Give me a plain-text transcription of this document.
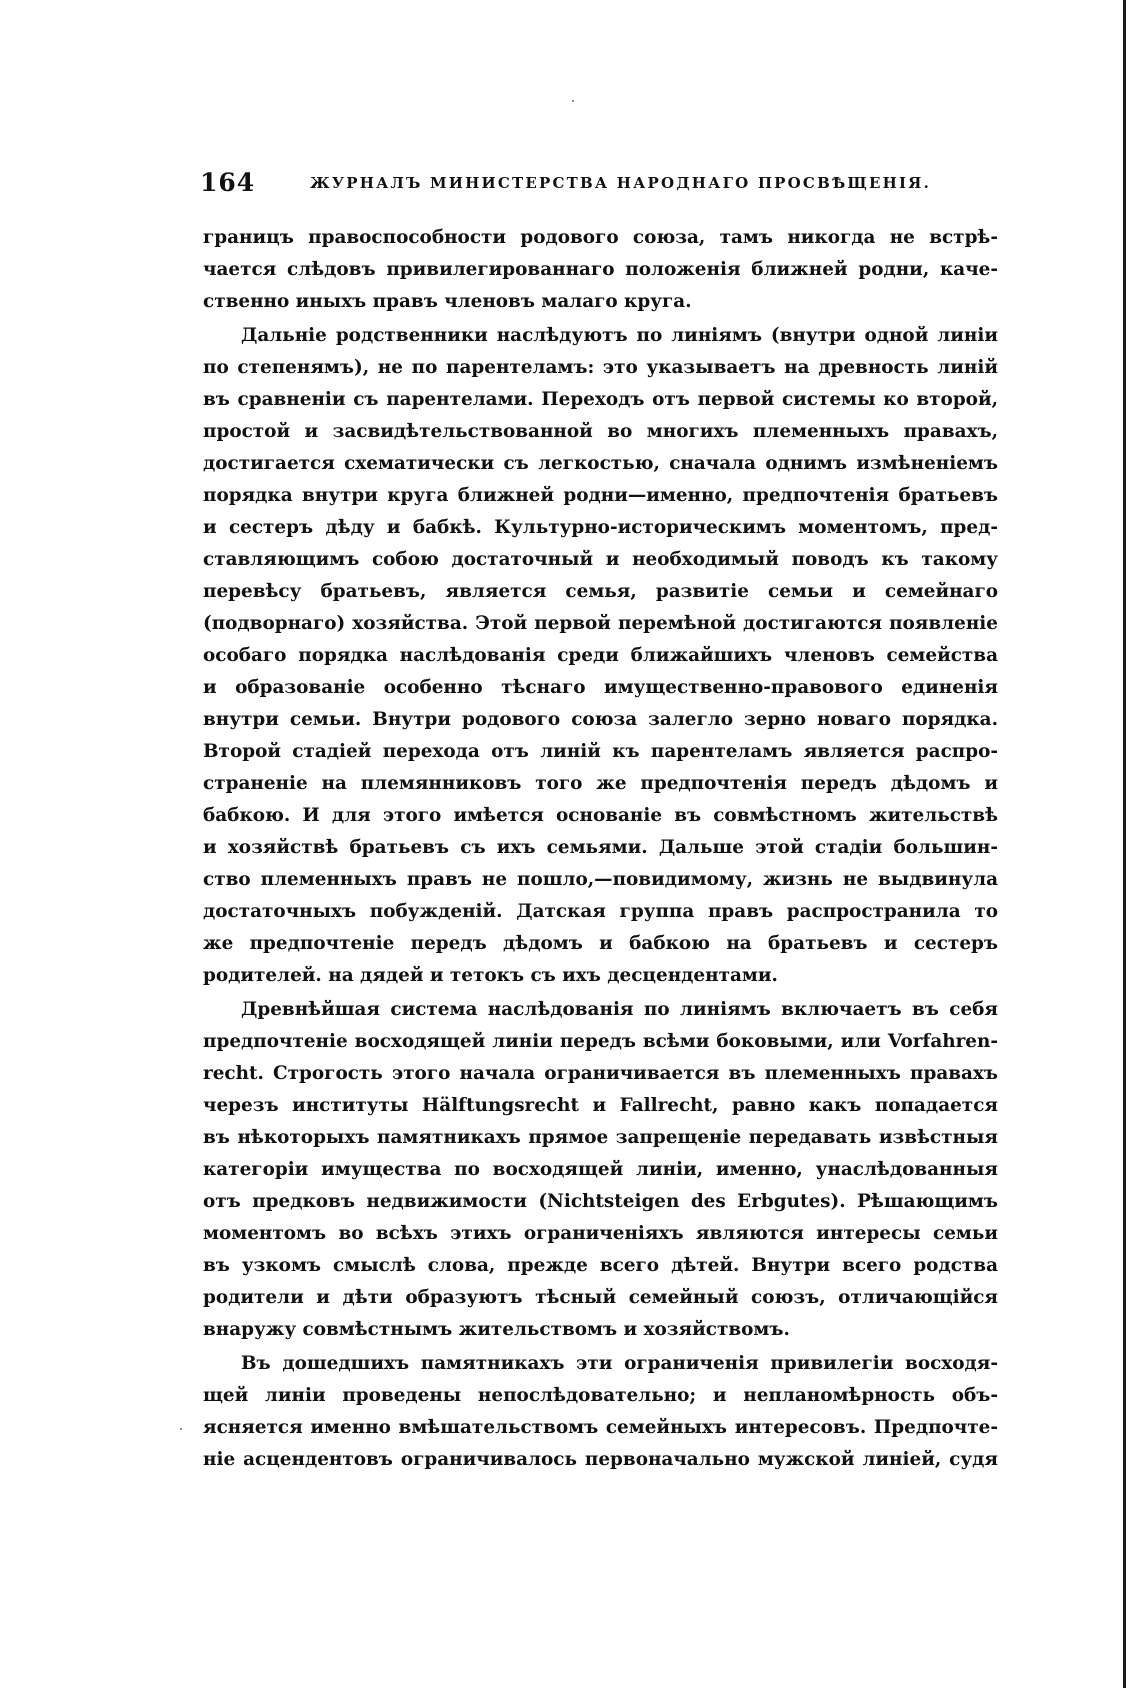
164	ЖУРНАЛЪ МИНИСТЕРСТВА НАРОДНАГО ПРОСВѢЩЕНІЯ.
границъ правоспособности родового союза, тамъ никогда не встрѣ-
чается слѣдовъ привилегированнаго положенія ближней родни, каче-
ственно иныхъ правъ членовъ малаго круга.
Дальніе родственники наслѣдуютъ по линіямъ (внутри одной линіи
по степенямъ), не по парентеламъ: это указываетъ на древность линій
въ сравненіи съ парентелами. Переходъ отъ первой системы ко второй,
простой и засвидѣтельствованной во многихъ племенныхъ правахъ,
достигается схематически съ легкостью, сначала однимъ измѣненіемъ
порядка внутри круга ближней родни—именно, предпочтенія братьевъ
и сестеръ дѣду и бабкѣ. Культурно-историческимъ моментомъ, пред-
ставляющимъ собою достаточный и необходимый поводъ къ такому
перевѣсу братьевъ, является семья, развитіе семьи и семейнаго
(подворнаго) хозяйства. Этой первой перемѣной достигаются появленіе
особаго порядка наслѣдованія среди ближайшихъ членовъ семейства
и образованіе особенно тѣснаго имущественно-правового единенія
внутри семьи. Внутри родового союза залегло зерно новаго порядка.
Второй стадіей перехода отъ линій къ парентеламъ является распро-
страненіе на племянниковъ того же предпочтенія передъ дѣдомъ и
бабкою. И для этого имѣется основаніе въ совмѣстномъ жительствѣ
и хозяйствѣ братьевъ съ ихъ семьями. Дальше этой стадіи большин-
ство племенныхъ правъ не пошло,—повидимому, жизнь не выдвинула
достаточныхъ побужденій. Датская группа правъ распространила то
же предпочтеніе передъ дѣдомъ и бабкою на братьевъ и сестеръ
родителей. на дядей и тетокъ съ ихъ десцендентами.
Древнѣйшая система наслѣдованія по линіямъ включаетъ въ себя
предпочтеніе восходящей линіи передъ всѣми боковыми, или Vorfahren-
recht. Строгость этого начала ограничивается въ племенныхъ правахъ
черезъ институты Hälftungsrecht и Fallrecht, равно какъ попадается
въ нѣкоторыхъ памятникахъ прямое запрещеніе передавать извѣстныя
категоріи имущества по восходящей линіи, именно, унаслѣдованныя
отъ предковъ недвижимости (Nichtsteigen des Erbgutes). Рѣшающимъ
моментомъ во всѣхъ этихъ ограниченіяхъ являются интересы семьи
въ узкомъ смыслѣ слова, прежде всего дѣтей. Внутри всего родства
родители и дѣти образуютъ тѣсный семейный союзъ, отличающійся
внаружу совмѣстнымъ жительствомъ и хозяйствомъ.
Въ дошедшихъ памятникахъ эти ограниченія привилегіи восходя-
щей линіи проведены непослѣдовательно; и непланомѣрность объ-
ясняется именно вмѣшательствомъ семейныхъ интересовъ. Предпочте-
ніе асцендентовъ ограничивалось первоначально мужской линіей, судя
